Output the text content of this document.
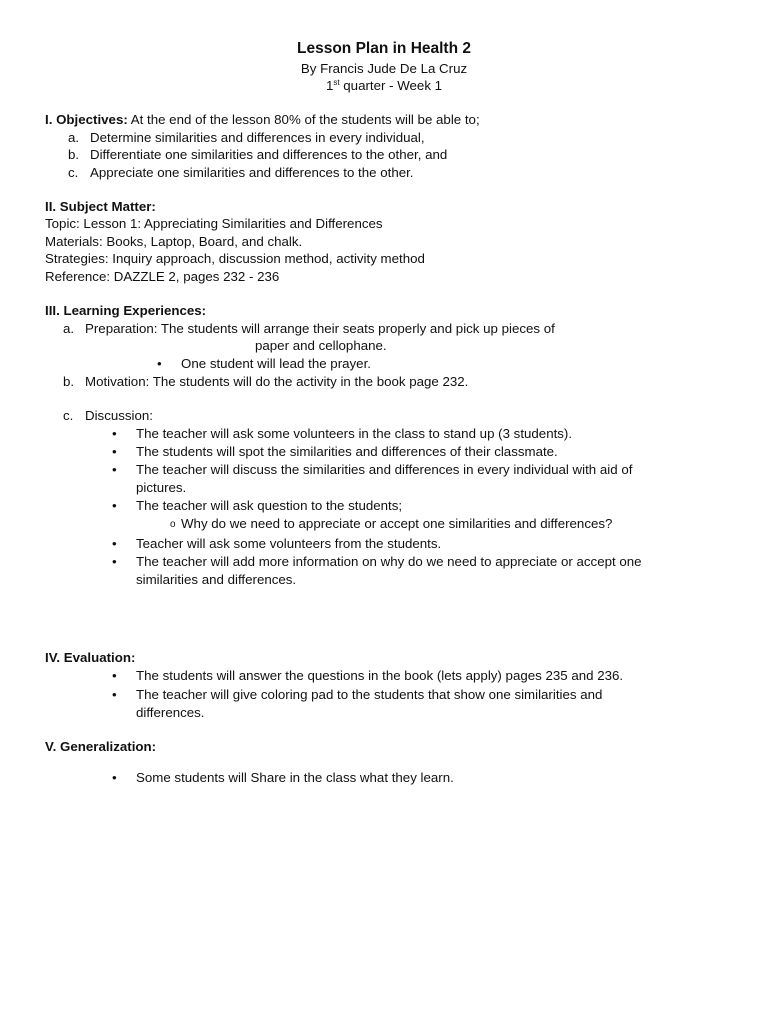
Lesson Plan in Health 2
By Francis Jude De La Cruz
1st quarter - Week 1
I. Objectives: At the end of the lesson 80% of the students will be able to;
a. Determine similarities and differences in every individual,
b. Differentiate one similarities and differences to the other, and
c. Appreciate one similarities and differences to the other.
II. Subject Matter:
Topic: Lesson 1: Appreciating Similarities and Differences
Materials: Books, Laptop, Board, and chalk.
Strategies: Inquiry approach, discussion method, activity method
Reference: DAZZLE 2, pages 232 - 236
III. Learning Experiences:
a. Preparation: The students will arrange their seats properly and pick up pieces of
paper and cellophane.
• One student will lead the prayer.
b. Motivation: The students will do the activity in the book page 232.
c. Discussion:
• The teacher will ask some volunteers in the class to stand up (3 students).
• The students will spot the similarities and differences of their classmate.
• The teacher will discuss the similarities and differences in every individual with aid of
pictures.
• The teacher will ask question to the students;
o Why do we need to appreciate or accept one similarities and differences?
• Teacher will ask some volunteers from the students.
• The teacher will add more information on why do we need to appreciate or accept one
similarities and differences.
IV. Evaluation:
• The students will answer the questions in the book (lets apply) pages 235 and 236.
• The teacher will give coloring pad to the students that show one similarities and
differences.
V. Generalization:
• Some students will Share in the class what they learn.
